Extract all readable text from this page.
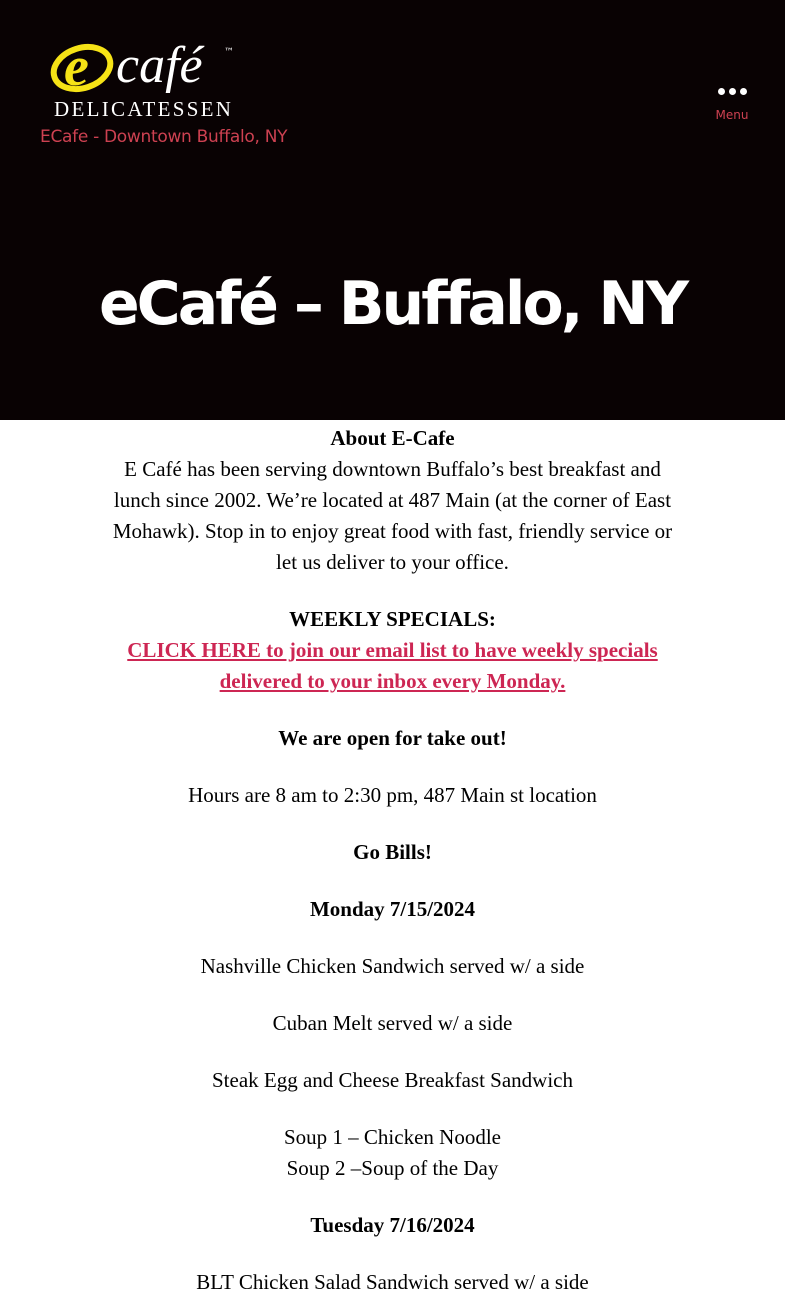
e café ™
DELICATESSEN
ECafe - Downtown Buffalo, NY
Menu
eCafé – Buffalo, NY

About E-Cafe
E Café has been serving downtown Buffalo’s best breakfast and lunch since 2002. We’re located at 487 Main (at the corner of East Mohawk). Stop in to enjoy great food with fast, friendly service or let us deliver to your office.

WEEKLY SPECIALS:
CLICK HERE to join our email list to have weekly specials delivered to your inbox every Monday.

We are open for take out!

Hours are 8 am to 2:30 pm, 487 Main st location

Go Bills!

Monday 7/15/2024

Nashville Chicken Sandwich served w/ a side

Cuban Melt served w/ a side

Steak Egg and Cheese Breakfast Sandwich

Soup 1 – Chicken Noodle
Soup 2 –Soup of the Day

Tuesday 7/16/2024

BLT Chicken Salad Sandwich served w/ a side
